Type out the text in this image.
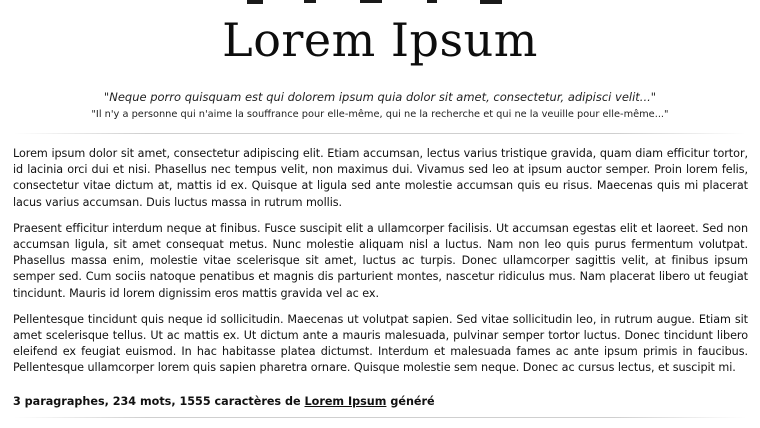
Lorem Ipsum

"Neque porro quisquam est qui dolorem ipsum quia dolor sit amet, consectetur, adipisci velit..."

"Il n'y a personne qui n'aime la souffrance pour elle-même, qui ne la recherche et qui ne la veuille pour elle-même..."

Lorem ipsum dolor sit amet, consectetur adipiscing elit. Etiam accumsan, lectus varius tristique gravida, quam diam efficitur tortor, id lacinia orci dui et nisi. Phasellus nec tempus velit, non maximus dui. Vivamus sed leo at ipsum auctor semper. Proin lorem felis, consectetur vitae dictum at, mattis id ex. Quisque at ligula sed ante molestie accumsan quis eu risus. Maecenas quis mi placerat lacus varius accumsan. Duis luctus massa in rutrum mollis.

Praesent efficitur interdum neque at finibus. Fusce suscipit elit a ullamcorper facilisis. Ut accumsan egestas elit et laoreet. Sed non accumsan ligula, sit amet consequat metus. Nunc molestie aliquam nisl a luctus. Nam non leo quis purus fermentum volutpat. Phasellus massa enim, molestie vitae scelerisque sit amet, luctus ac turpis. Donec ullamcorper sagittis velit, at finibus ipsum semper sed. Cum sociis natoque penatibus et magnis dis parturient montes, nascetur ridiculus mus. Nam placerat libero ut feugiat tincidunt. Mauris id lorem dignissim eros mattis gravida vel ac ex.

Pellentesque tincidunt quis neque id sollicitudin. Maecenas ut volutpat sapien. Sed vitae sollicitudin leo, in rutrum augue. Etiam sit amet scelerisque tellus. Ut ac mattis ex. Ut dictum ante a mauris malesuada, pulvinar semper tortor luctus. Donec tincidunt libero eleifend ex feugiat euismod. In hac habitasse platea dictumst. Interdum et malesuada fames ac ante ipsum primis in faucibus. Pellentesque ullamcorper lorem quis sapien pharetra ornare. Quisque molestie sem neque. Donec ac cursus lectus, et suscipit mi.

3 paragraphes, 234 mots, 1555 caractères de Lorem Ipsum généré
